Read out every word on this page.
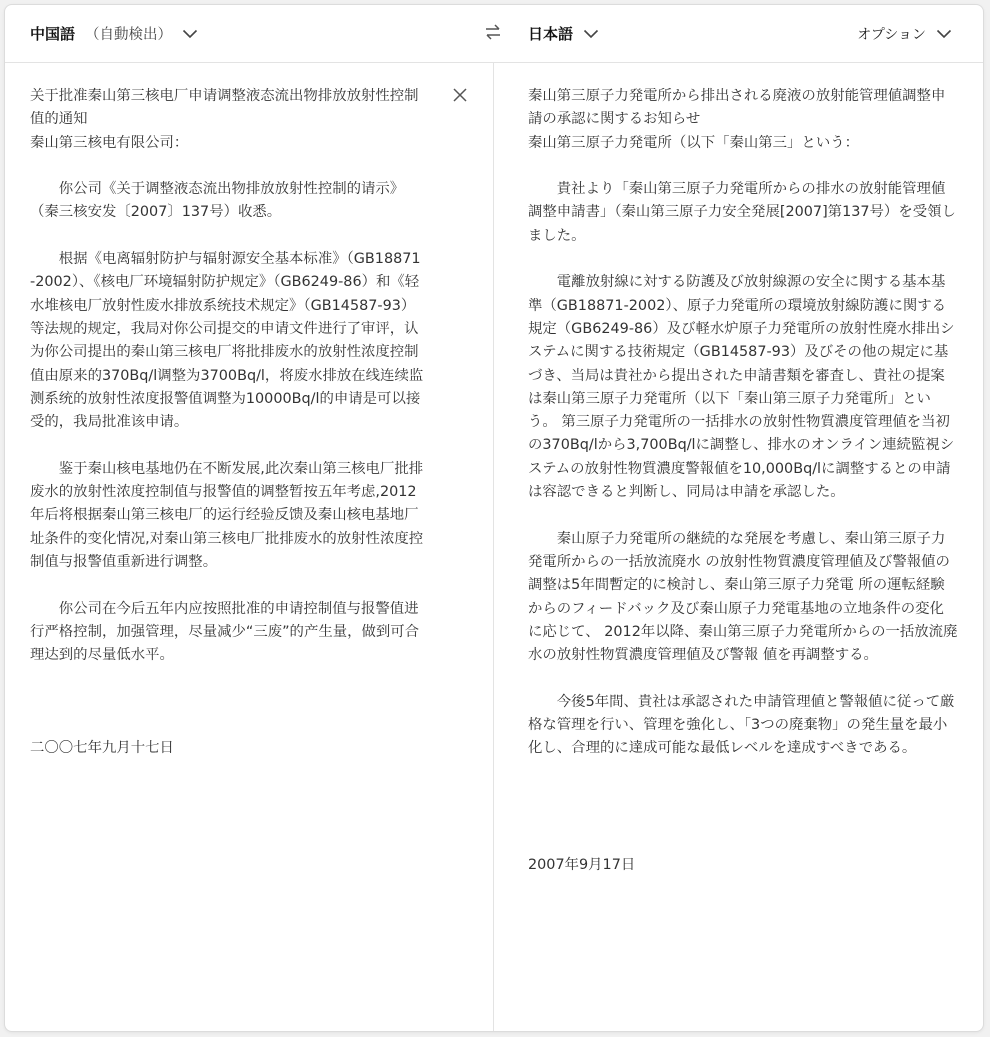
中国語 （自動検出）	日本語	オプション

关于批准秦山第三核电厂申请调整液态流出物排放放射性控制值的通知

秦山第三核电有限公司：

　　你公司《关于调整液态流出物排放放射性控制的请示》（秦三核安发〔2007〕137号）收悉。

　　根据《电离辐射防护与辐射源安全基本标准》（GB18871-2002）、《核电厂环境辐射防护规定》（GB6249-86）和《轻水堆核电厂放射性废水排放系统技术规定》（GB14587-93）等法规的规定，我局对你公司提交的申请文件进行了审评，认为你公司提出的秦山第三核电厂将批排废水的放射性浓度控制值由原来的370Bq/l调整为3700Bq/l，将废水排放在线连续监测系统的放射性浓度报警值调整为10000Bq/l的申请是可以接受的，我局批准该申请。

　　鉴于秦山核电基地仍在不断发展,此次秦山第三核电厂批排废水的放射性浓度控制值与报警值的调整暂按五年考虑,2012年后将根据秦山第三核电厂的运行经验反馈及秦山核电基地厂址条件的变化情况,对秦山第三核电厂批排废水的放射性浓度控制值与报警值重新进行调整。

　　你公司在今后五年内应按照批准的申请控制值与报警值进行严格控制，加强管理，尽量减少“三废”的产生量，做到可合理达到的尽量低水平。

二〇〇七年九月十七日

秦山第三原子力発電所から排出される廃液の放射能管理値調整申請の承認に関するお知らせ

秦山第三原子力発電所（以下「秦山第三」という：

　　貴社より「秦山第三原子力発電所からの排水の放射能管理値調整申請書」（秦山第三原子力安全発展[2007]第137号）を受領しました。

　　電離放射線に対する防護及び放射線源の安全に関する基本基準（GB18871-2002）、原子力発電所の環境放射線防護に関する規定（GB6249-86）及び軽水炉原子力発電所の放射性廃水排出システムに関する技術規定（GB14587-93）及びその他の規定に基づき、当局は貴社から提出された申請書類を審査し、貴社の提案は秦山第三原子力発電所（以下「秦山第三原子力発電所」という。 第三原子力発電所の一括排水の放射性物質濃度管理値を当初の370Bq/lから3,700Bq/lに調整し、排水のオンライン連続監視システムの放射性物質濃度警報値を10,000Bq/lに調整するとの申請は容認できると判断し、同局は申請を承認した。

　　秦山原子力発電所の継続的な発展を考慮し、秦山第三原子力発電所からの一括放流廃水 の放射性物質濃度管理値及び警報値の調整は5年間暫定的に検討し、秦山第三原子力発電 所の運転経験からのフィードバック及び秦山原子力発電基地の立地条件の変化に応じて、 2012年以降、秦山第三原子力発電所からの一括放流廃水の放射性物質濃度管理値及び警報 値を再調整する。

　　今後5年間、貴社は承認された申請管理値と警報値に従って厳格な管理を行い、管理を強化し、「3つの廃棄物」の発生量を最小化し、合理的に達成可能な最低レベルを達成すべきである。

2007年9月17日
